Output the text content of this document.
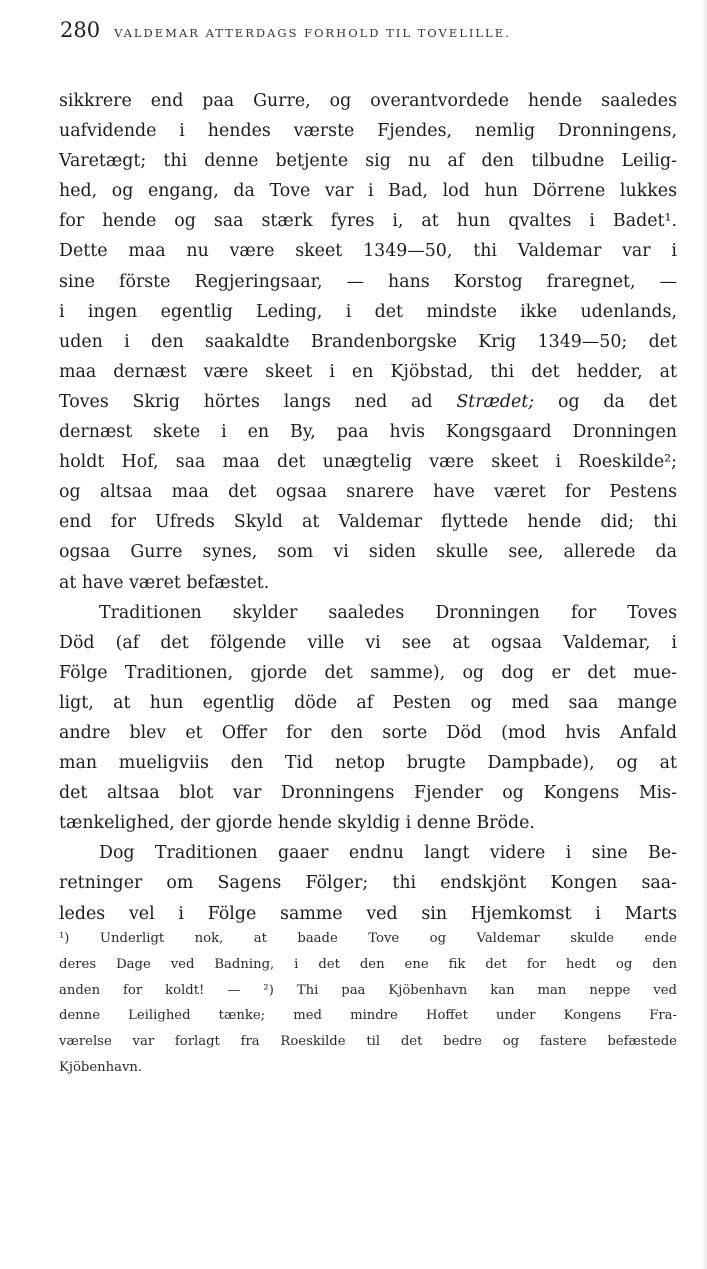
280 VALDEMAR ATTERDAGS FORHOLD TIL TOVELILLE.
sikkrere end paa Gurre, og overantvordede hende saaledes
uafvidende i hendes værste Fjendes, nemlig Dronningens,
Varetægt; thi denne betjente sig nu af den tilbudne Leilig-
hed, og engang, da Tove var i Bad, lod hun Dörrene lukkes
for hende og saa stærk fyres i, at hun qvaltes i Badet¹.
Dette maa nu være skeet 1349—50, thi Valdemar var i
sine förste Regjeringsaar, — hans Korstog fraregnet, —
i ingen egentlig Leding, i det mindste ikke udenlands,
uden i den saakaldte Brandenborgske Krig 1349—50; det
maa dernæst være skeet i en Kjöbstad, thi det hedder, at
Toves Skrig hörtes langs ned ad Strædet; og da det
dernæst skete i en By, paa hvis Kongsgaard Dronningen
holdt Hof, saa maa det unægtelig være skeet i Roeskilde²;
og altsaa maa det ogsaa snarere have været for Pestens
end for Ufreds Skyld at Valdemar flyttede hende did; thi
ogsaa Gurre synes, som vi siden skulle see, allerede da
at have været befæstet.
Traditionen skylder saaledes Dronningen for Toves
Död (af det fölgende ville vi see at ogsaa Valdemar, i
Fölge Traditionen, gjorde det samme), og dog er det mue-
ligt, at hun egentlig döde af Pesten og med saa mange
andre blev et Offer for den sorte Död (mod hvis Anfald
man mueligviis den Tid netop brugte Dampbade), og at
det altsaa blot var Dronningens Fjender og Kongens Mis-
tænkelighed, der gjorde hende skyldig i denne Bröde.
Dog Traditionen gaaer endnu langt videre i sine Be-
retninger om Sagens Fölger; thi endskjönt Kongen saa-
ledes vel i Fölge samme ved sin Hjemkomst i Marts
¹) Underligt nok, at baade Tove og Valdemar skulde ende
deres Dage ved Badning, i det den ene fik det for hedt og den
anden for koldt! — ²) Thi paa Kjöbenhavn kan man neppe ved
denne Leilighed tænke; med mindre Hoffet under Kongens Fra-
værelse var forlagt fra Roeskilde til det bedre og fastere befæstede
Kjöbenhavn.
